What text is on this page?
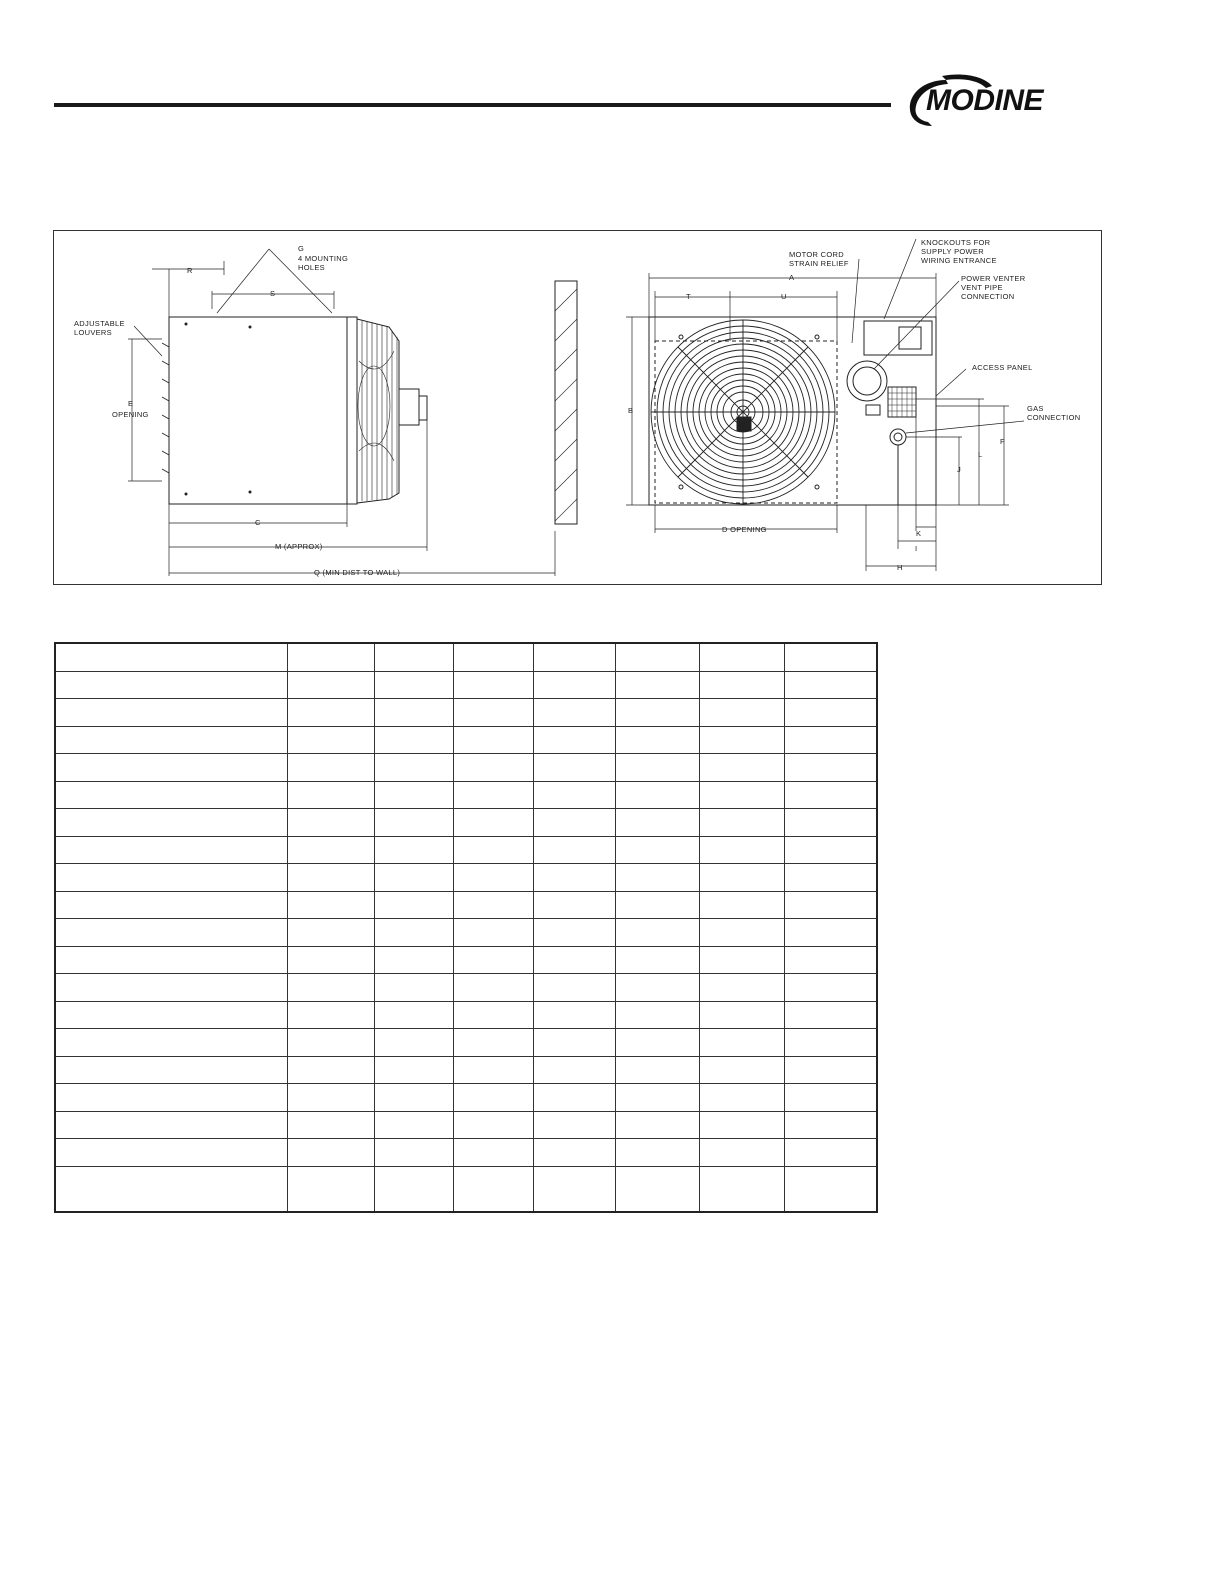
MODINE
R
G
4 MOUNTING
HOLES
S
ADJUSTABLE
LOUVERS
E
OPENING
C
M (APPROX)
Q (MIN DIST TO WALL)
A
T	U
B
D OPENING
MOTOR CORD
STRAIN RELIEF
KNOCKOUTS FOR
SUPPLY POWER
WIRING ENTRANCE
POWER VENTER
VENT PIPE
CONNECTION
ACCESS PANEL
GAS
CONNECTION
F
L
J
K
I
H
